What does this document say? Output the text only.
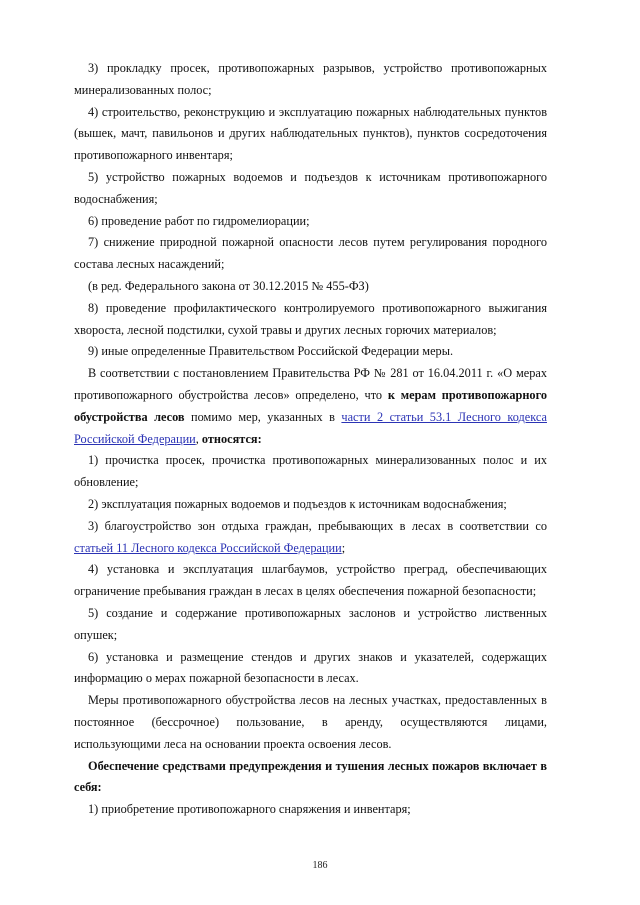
3) прокладку просек, противопожарных разрывов, устройство противопожарных минерализованных полос;

4) строительство, реконструкцию и эксплуатацию пожарных наблюдательных пунктов (вышек, мачт, павильонов и других наблюдательных пунктов), пунктов сосредоточения противопожарного инвентаря;

5) устройство пожарных водоемов и подъездов к источникам противопожарного водоснабжения;

6) проведение работ по гидромелиорации;

7) снижение природной пожарной опасности лесов путем регулирования породного состава лесных насаждений;

(в ред. Федерального закона от 30.12.2015 № 455-ФЗ)

8) проведение профилактического контролируемого противопожарного выжигания хвороста, лесной подстилки, сухой травы и других лесных горючих материалов;

9) иные определенные Правительством Российской Федерации меры.

В соответствии с постановлением Правительства РФ № 281 от 16.04.2011 г. «О мерах противопожарного обустройства лесов» определено, что к мерам противопожарного обустройства лесов помимо мер, указанных в части 2 статьи 53.1 Лесного кодекса Российской Федерации, относятся:

1) прочистка просек, прочистка противопожарных минерализованных полос и их обновление;

2) эксплуатация пожарных водоемов и подъездов к источникам водоснабжения;

3) благоустройство зон отдыха граждан, пребывающих в лесах в соответствии со статьей 11 Лесного кодекса Российской Федерации;

4) установка и эксплуатация шлагбаумов, устройство преград, обеспечивающих ограничение пребывания граждан в лесах в целях обеспечения пожарной безопасности;

5) создание и содержание противопожарных заслонов и устройство лиственных опушек;

6) установка и размещение стендов и других знаков и указателей, содержащих информацию о мерах пожарной безопасности в лесах.

Меры противопожарного обустройства лесов на лесных участках, предоставленных в постоянное (бессрочное) пользование, в аренду, осуществляются лицами, использующими леса на основании проекта освоения лесов.

Обеспечение средствами предупреждения и тушения лесных пожаров включает в себя:

1) приобретение противопожарного снаряжения и инвентаря;

186
